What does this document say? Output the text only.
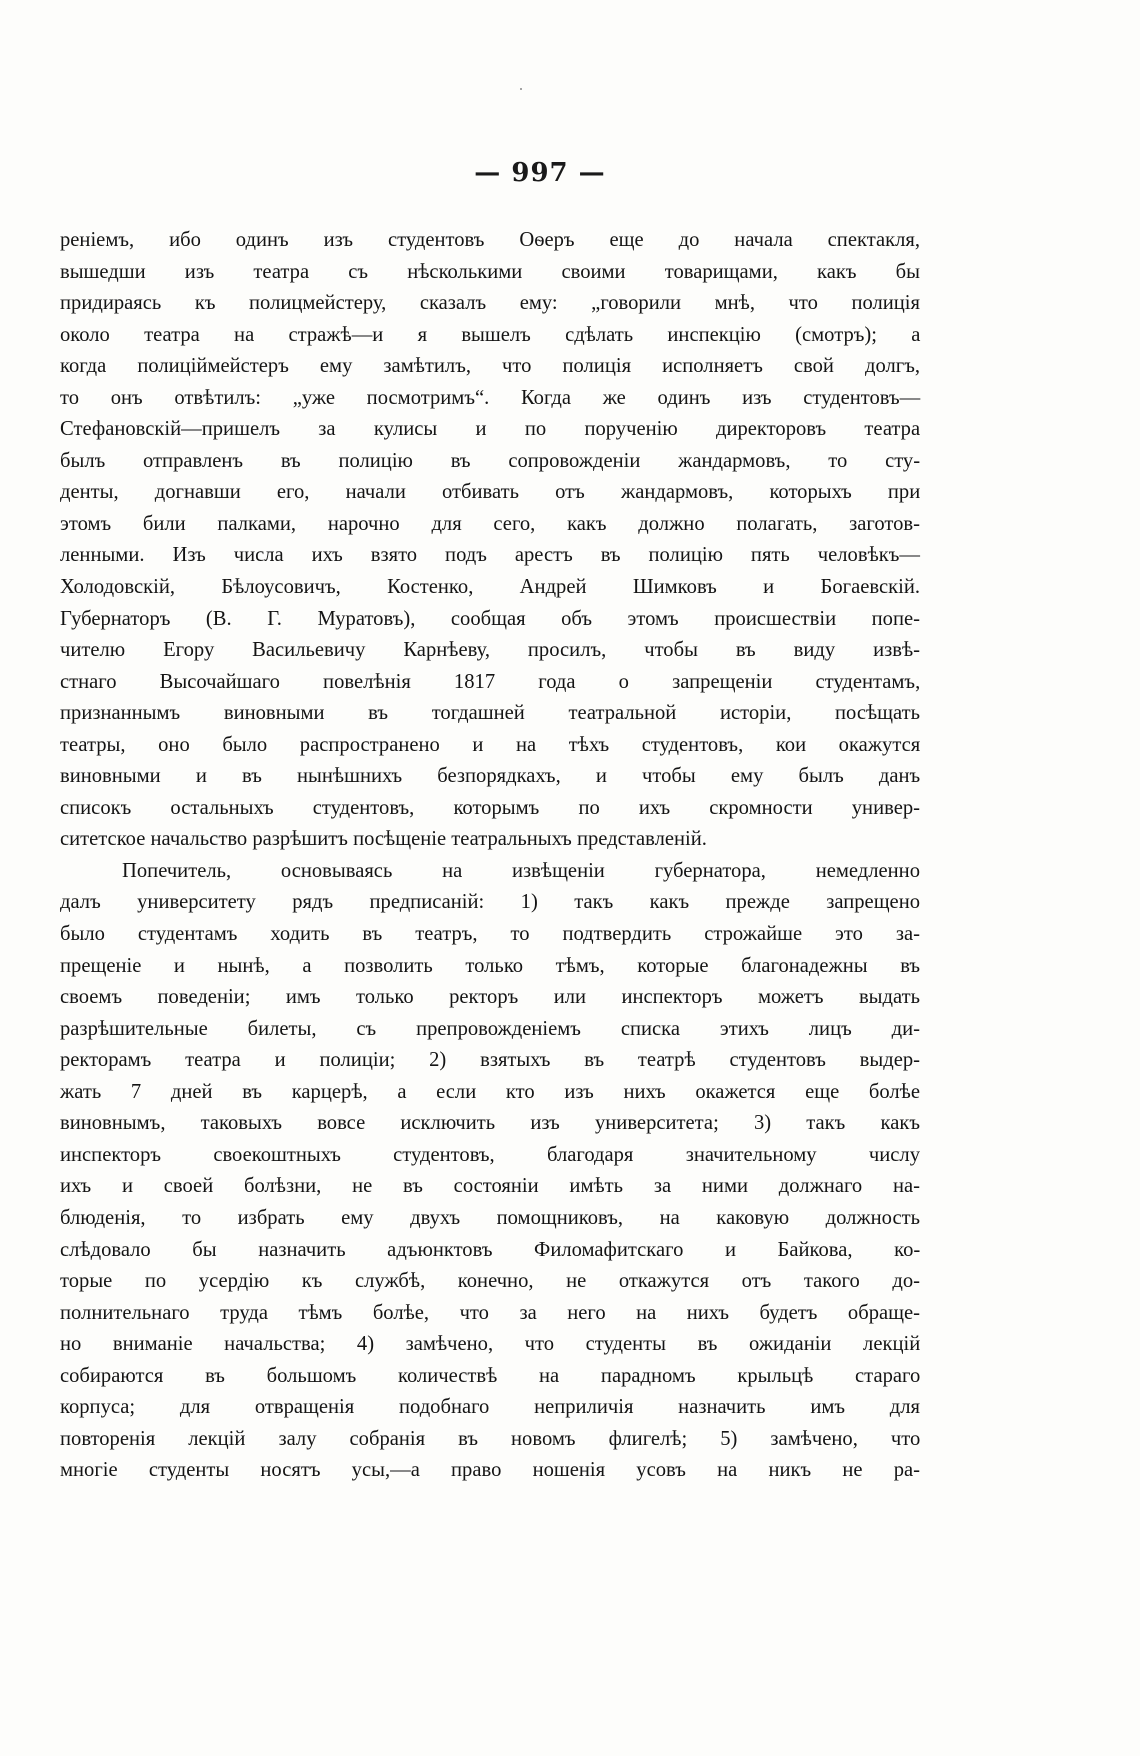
— 997 —
ренiемъ, ибо одинъ изъ студентовъ Оѳеръ еще до начала спектакля,
вышедши изъ театра съ нѣсколькими своими товарищами, какъ бы
придираясь къ полицмейстеру, сказалъ ему: „говорили мнѣ, что полиція
около театра на стражѣ—и я вышелъ сдѣлать инспекцію (смотръ); а
когда полицiймейстеръ ему замѣтилъ, что полиція исполняетъ свой долгъ,
то онъ отвѣтилъ: „уже посмотримъ“. Когда же одинъ изъ студентовъ—
Стефановскій—пришелъ за кулисы и по порученію директоровъ театра
былъ отправленъ въ полицію въ сопровожденіи жандармовъ, то сту-
денты, догнавши его, начали отбивать отъ жандармовъ, которыхъ при
этомъ били палками, нарочно для сего, какъ должно полагать, заготов-
ленными. Изъ числа ихъ взято подъ арестъ въ полицію пять человѣкъ—
Холодовскій, Бѣлоусовичъ, Костенко, Андрей Шимковъ и Богаевскій.
Губернаторъ (В. Г. Муратовъ), сообщая объ этомъ происшествіи попе-
чителю Егору Васильевичу Карнѣеву, просилъ, чтобы въ виду извѣ-
стнаго Высочайшаго повелѣнія 1817 года о запрещеніи студентамъ,
признаннымъ виновными въ тогдашней театральной исторіи, посѣщать
театры, оно было распространено и на тѣхъ студентовъ, кои окажутся
виновными и въ нынѣшнихъ безпорядкахъ, и чтобы ему былъ данъ
списокъ остальныхъ студентовъ, которымъ по ихъ скромности универ-
ситетское начальство разрѣшитъ посѣщеніе театральныхъ представленій.
Попечитель, основываясь на извѣщеніи губернатора, немедленно
далъ университету рядъ предписаній: 1) такъ какъ прежде запрещено
было студентамъ ходить въ театръ, то подтвердить строжайше это за-
прещеніе и нынѣ, а позволить только тѣмъ, которые благонадежны въ
своемъ поведеніи; имъ только ректоръ или инспекторъ можетъ выдать
разрѣшительные билеты, съ препровожденіемъ списка этихъ лицъ ди-
ректорамъ театра и полиціи; 2) взятыхъ въ театрѣ студентовъ выдер-
жать 7 дней въ карцерѣ, а если кто изъ нихъ окажется еще болѣе
виновнымъ, таковыхъ вовсе исключить изъ университета; 3) такъ какъ
инспекторъ своекоштныхъ студентовъ, благодаря значительному числу
ихъ и своей болѣзни, не въ состояніи имѣть за ними должнаго на-
блюденія, то избрать ему двухъ помощниковъ, на каковую должность
слѣдовало бы назначить адъюнктовъ Филомафитскаго и Байкова, ко-
торые по усердію къ службѣ, конечно, не откажутся отъ такого до-
полнительнаго труда тѣмъ болѣе, что за него на нихъ будетъ обраще-
но вниманіе начальства; 4) замѣчено, что студенты въ ожиданіи лекцій
собираются въ большомъ количествѣ на парадномъ крыльцѣ стараго
корпуса; для отвращенія подобнаго неприличія назначить имъ для
повторенія лекцій залу собранія въ новомъ флигелѣ; 5) замѣчено, что
многіе студенты носятъ усы,—а право ношенія усовъ на никъ не ра-
